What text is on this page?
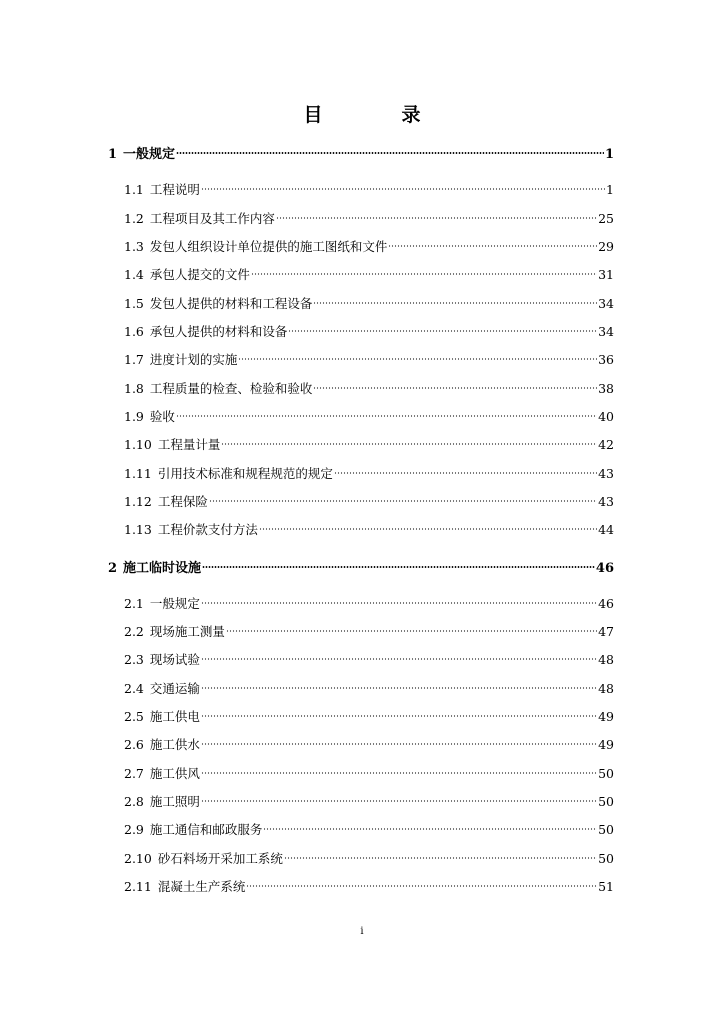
目　录
1 一般规定	1
1.1 工程说明	1
1.2 工程项目及其工作内容	25
1.3 发包人组织设计单位提供的施工图纸和文件	29
1.4 承包人提交的文件	31
1.5 发包人提供的材料和工程设备	34
1.6 承包人提供的材料和设备	34
1.7 进度计划的实施	36
1.8 工程质量的检查、检验和验收	38
1.9 验收	40
1.10 工程量计量	42
1.11 引用技术标准和规程规范的规定	43
1.12 工程保险	43
1.13 工程价款支付方法	44
2 施工临时设施	46
2.1 一般规定	46
2.2 现场施工测量	47
2.3 现场试验	48
2.4 交通运输	48
2.5 施工供电	49
2.6 施工供水	49
2.7 施工供风	50
2.8 施工照明	50
2.9 施工通信和邮政服务	50
2.10 砂石料场开采加工系统	50
2.11 混凝土生产系统	51
i
